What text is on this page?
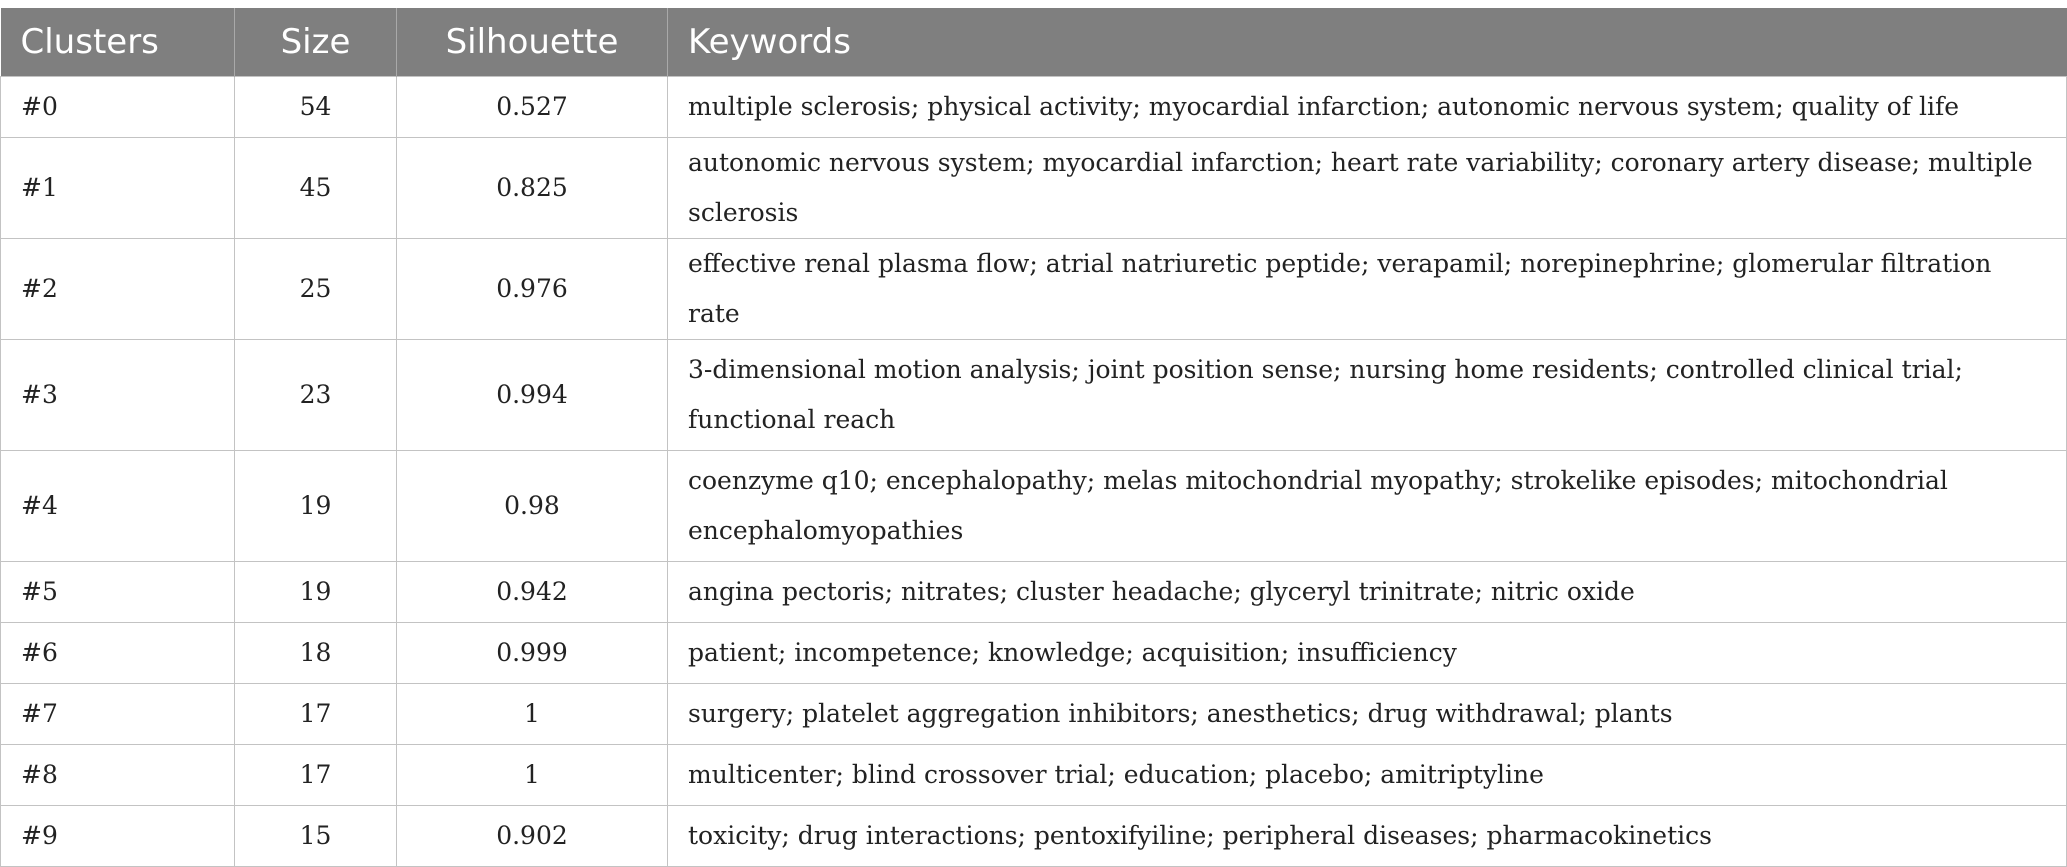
Clusters	Size	Silhouette	Keywords
#0	54	0.527	multiple sclerosis; physical activity; myocardial infarction; autonomic nervous system; quality of life
#1	45	0.825	autonomic nervous system; myocardial infarction; heart rate variability; coronary artery disease; multiple sclerosis
#2	25	0.976	effective renal plasma flow; atrial natriuretic peptide; verapamil; norepinephrine; glomerular filtration rate
#3	23	0.994	3-dimensional motion analysis; joint position sense; nursing home residents; controlled clinical trial; functional reach
#4	19	0.98	coenzyme q10; encephalopathy; melas mitochondrial myopathy; strokelike episodes; mitochondrial encephalomyopathies
#5	19	0.942	angina pectoris; nitrates; cluster headache; glyceryl trinitrate; nitric oxide
#6	18	0.999	patient; incompetence; knowledge; acquisition; insufficiency
#7	17	1	surgery; platelet aggregation inhibitors; anesthetics; drug withdrawal; plants
#8	17	1	multicenter; blind crossover trial; education; placebo; amitriptyline
#9	15	0.902	toxicity; drug interactions; pentoxifyiline; peripheral diseases; pharmacokinetics
